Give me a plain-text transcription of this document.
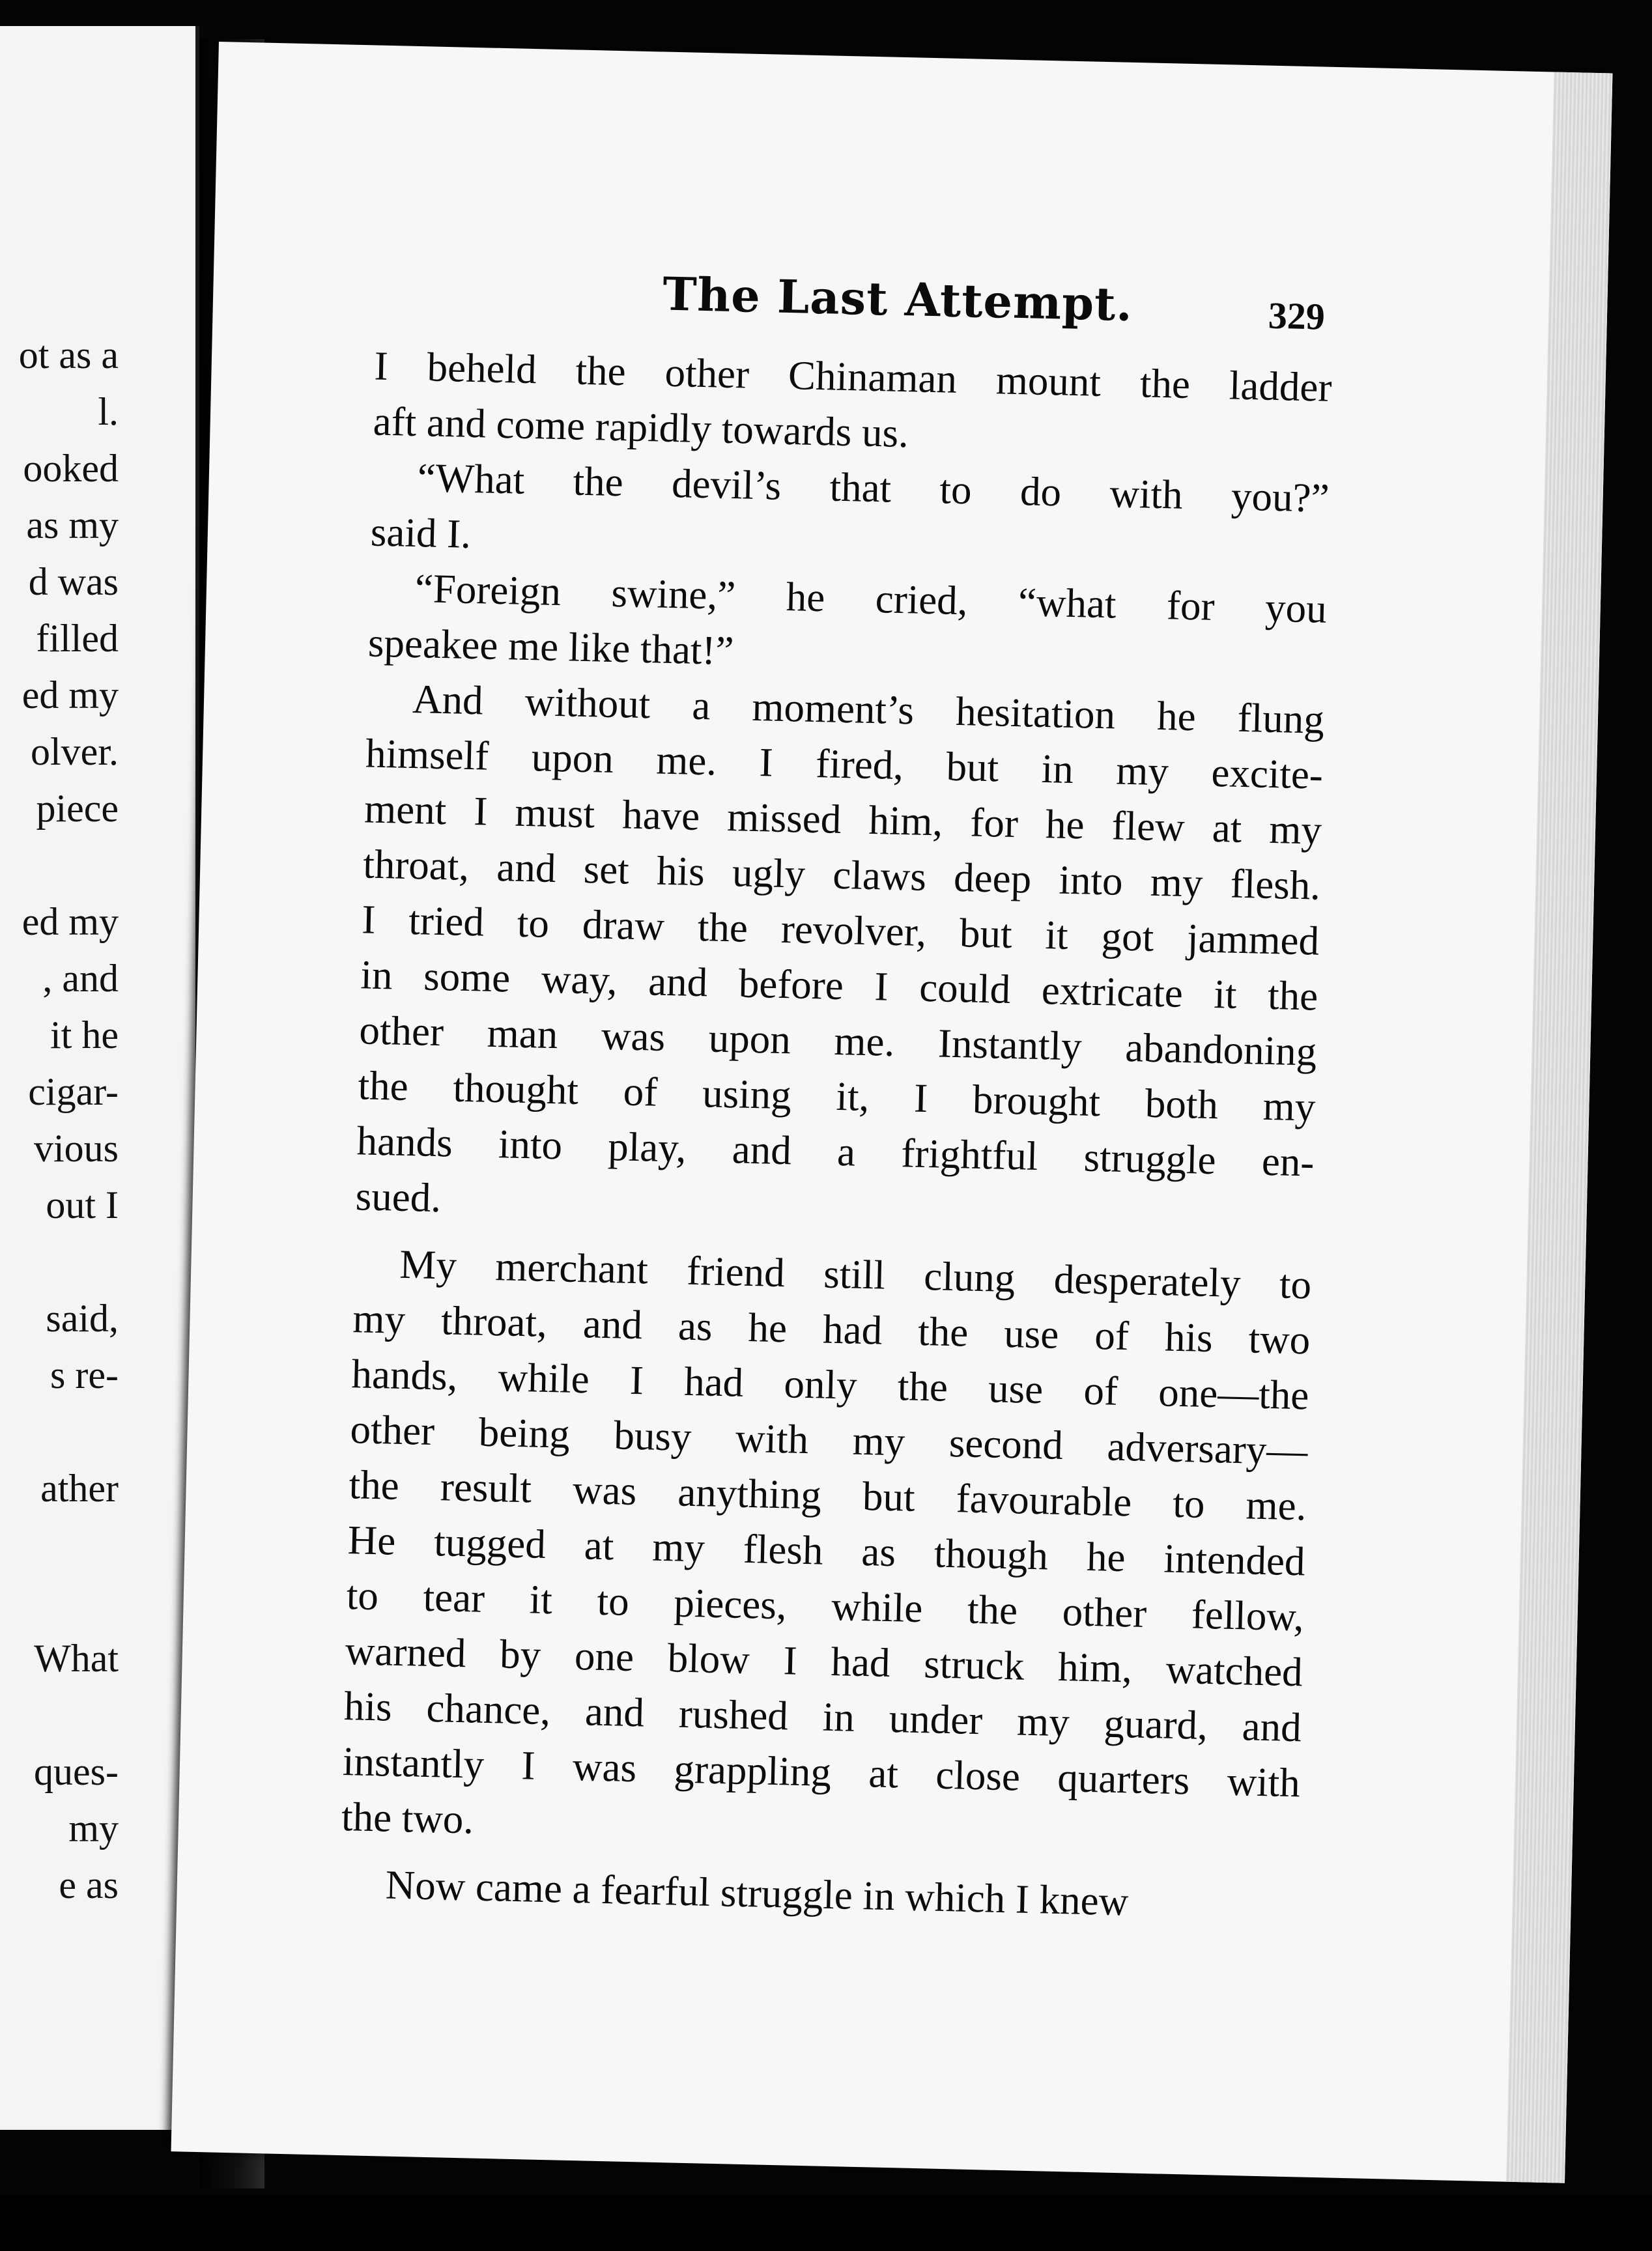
ot as a
l.
ooked
as my
d was
filled
ed my
olver.
piece
ed my
, and
it he
cigar-
vious
out I
said,
s re-
ather
What
ques-
my
e as
The Last Attempt.	329
I beheld the other Chinaman mount the ladder
aft and come rapidly towards us.
“What the devil’s that to do with you?”
said I.
“Foreign swine,” he cried, “what for you
speakee me like that!”
And without a moment’s hesitation he flung
himself upon me. I fired, but in my excite-
ment I must have missed him, for he flew at my
throat, and set his ugly claws deep into my flesh.
I tried to draw the revolver, but it got jammed
in some way, and before I could extricate it the
other man was upon me. Instantly abandoning
the thought of using it, I brought both my
hands into play, and a frightful struggle en-
sued.
My merchant friend still clung desperately to
my throat, and as he had the use of his two
hands, while I had only the use of one—the
other being busy with my second adversary—
the result was anything but favourable to me.
He tugged at my flesh as though he intended
to tear it to pieces, while the other fellow,
warned by one blow I had struck him, watched
his chance, and rushed in under my guard, and
instantly I was grappling at close quarters with
the two.
Now came a fearful struggle in which I knew
